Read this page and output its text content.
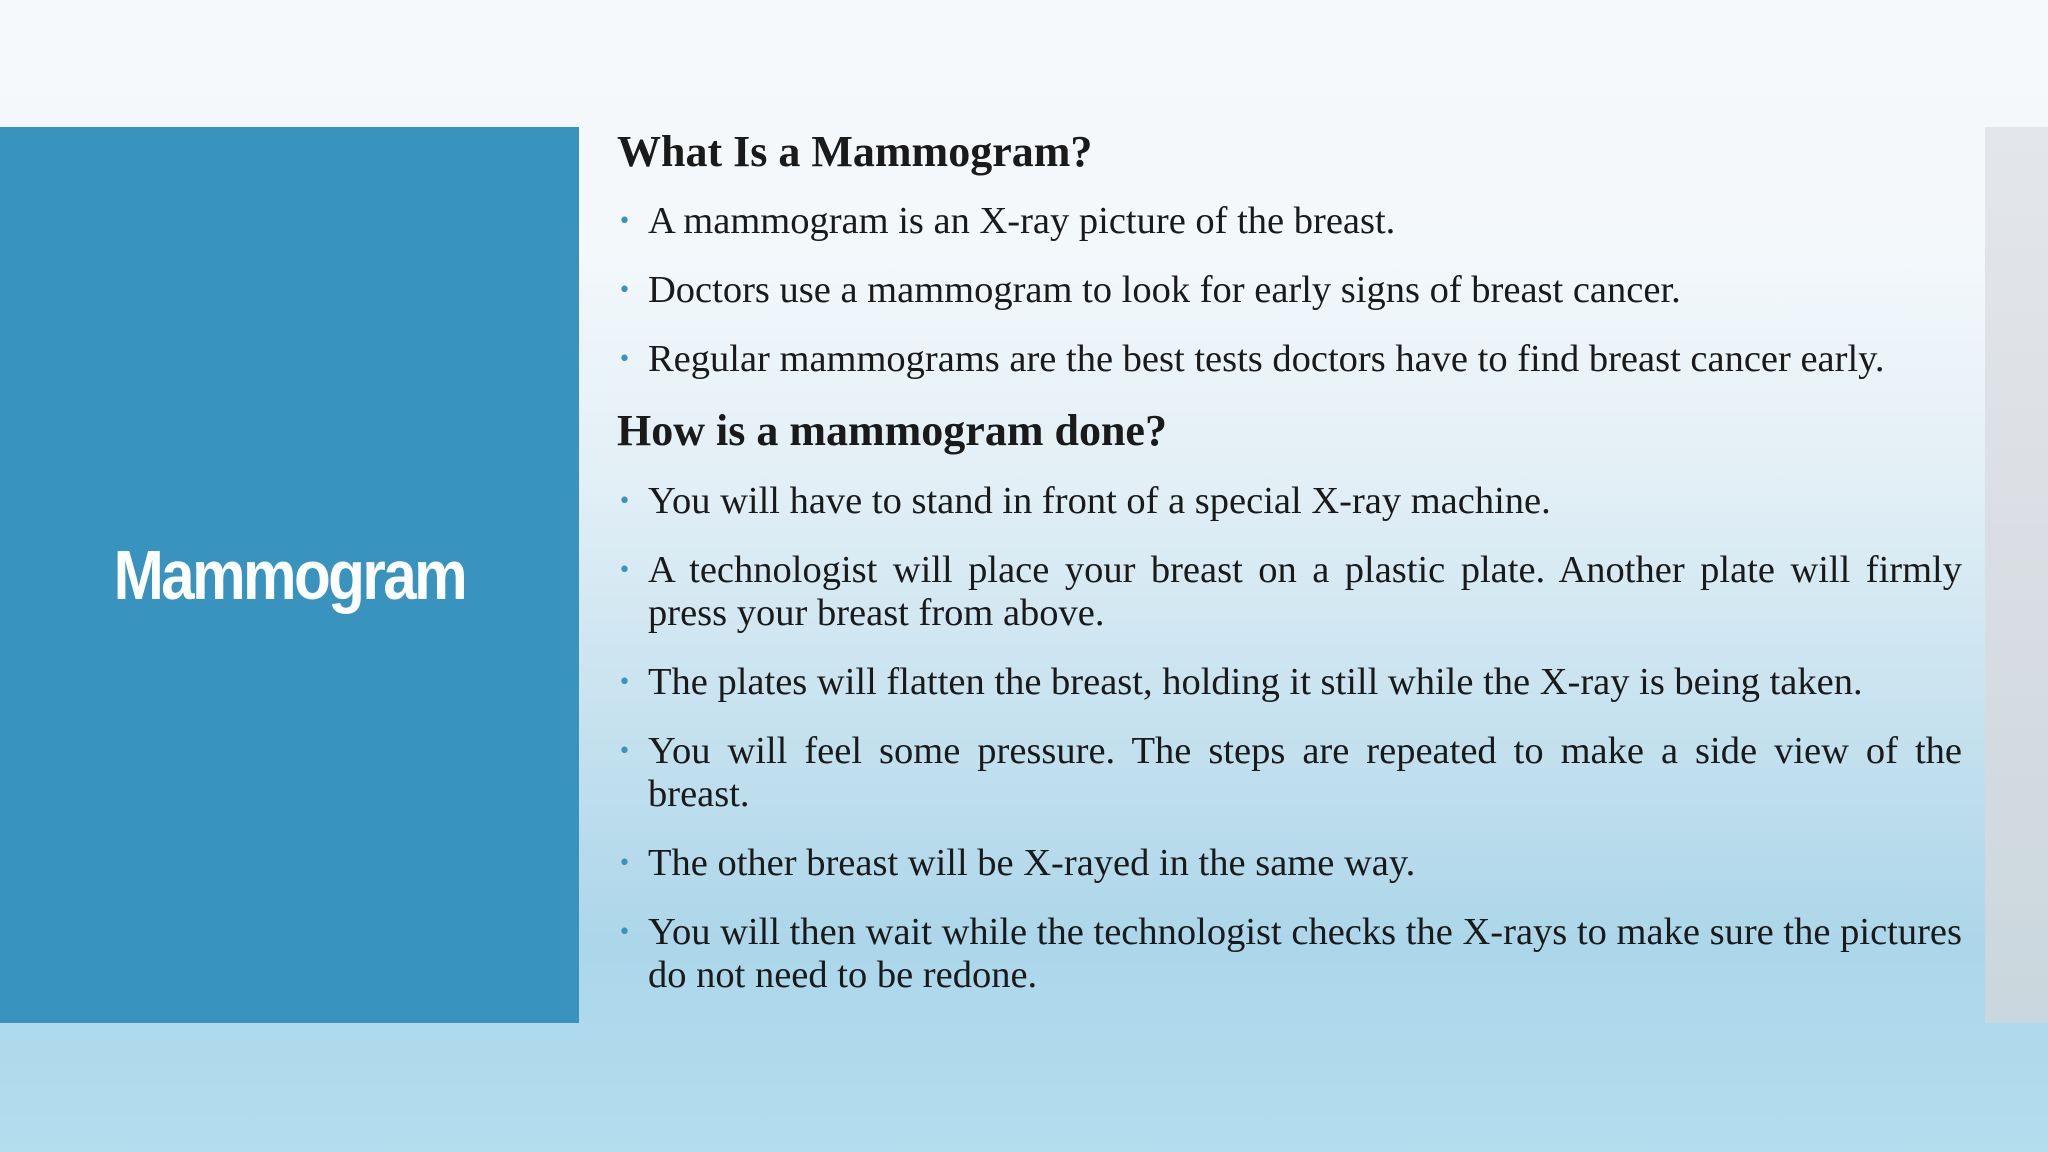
Mammogram
What Is a Mammogram?
• A mammogram is an X-ray picture of the breast.
• Doctors use a mammogram to look for early signs of breast cancer.
• Regular mammograms are the best tests doctors have to find breast cancer early.
How is a mammogram done?
• You will have to stand in front of a special X-ray machine.
• A technologist will place your breast on a plastic plate. Another plate will firmly press your breast from above.
• The plates will flatten the breast, holding it still while the X-ray is being taken.
• You will feel some pressure. The steps are repeated to make a side view of the breast.
• The other breast will be X-rayed in the same way.
• You will then wait while the technologist checks the X-rays to make sure the pictures do not need to be redone.
